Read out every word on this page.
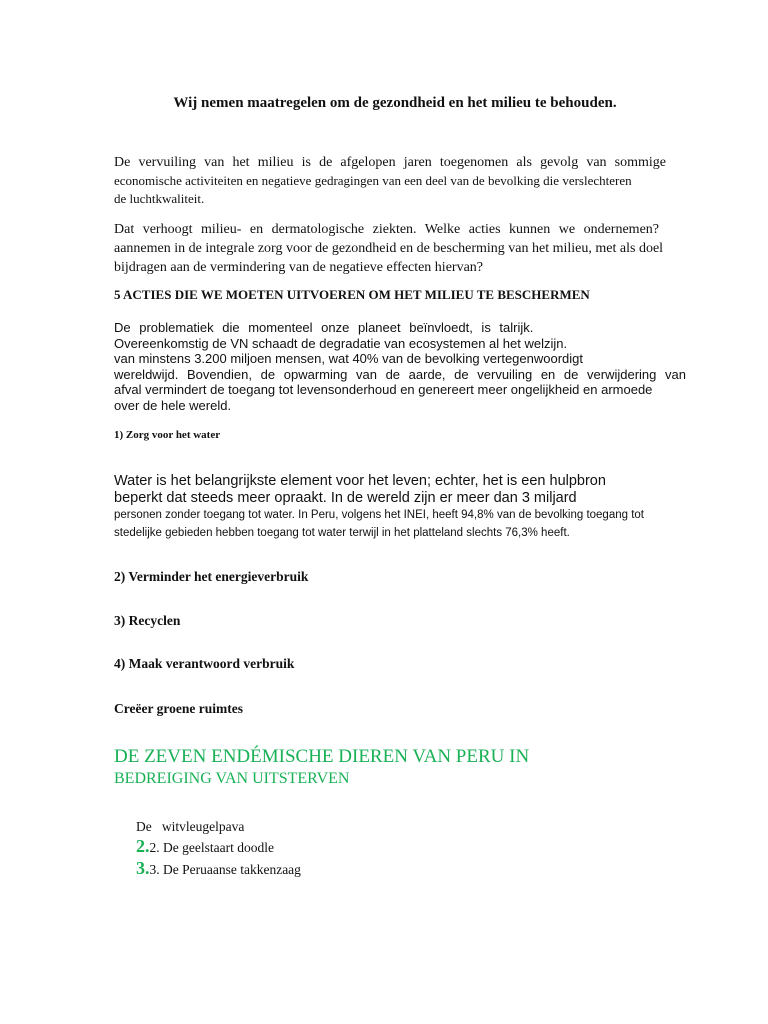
Wij nemen maatregelen om de gezondheid en het milieu te behouden.
De vervuiling van het milieu is de afgelopen jaren toegenomen als gevolg van sommige
economische activiteiten en negatieve gedragingen van een deel van de bevolking die verslechteren
de luchtkwaliteit.
Dat verhoogt milieu- en dermatologische ziekten. Welke acties kunnen we ondernemen?
aannemen in de integrale zorg voor de gezondheid en de bescherming van het milieu, met als doel
bijdragen aan de vermindering van de negatieve effecten hiervan?
5 ACTIES DIE WE MOETEN UITVOEREN OM HET MILIEU TE BESCHERMEN
De problematiek die momenteel onze planeet beïnvloedt, is talrijk.
Overeenkomstig de VN schaadt de degradatie van ecosystemen al het welzijn.
van minstens 3.200 miljoen mensen, wat 40% van de bevolking vertegenwoordigt
wereldwijd. Bovendien, de opwarming van de aarde, de vervuiling en de verwijdering van
afval vermindert de toegang tot levensonderhoud en genereert meer ongelijkheid en armoede
over de hele wereld.
1) Zorg voor het water
Water is het belangrijkste element voor het leven; echter, het is een hulpbron
beperkt dat steeds meer opraakt. In de wereld zijn er meer dan 3 miljard
personen zonder toegang tot water. In Peru, volgens het INEI, heeft 94,8% van de bevolking toegang tot
stedelijke gebieden hebben toegang tot water terwijl in het platteland slechts 76,3% heeft.
2) Verminder het energieverbruik
3) Recyclen
4) Maak verantwoord verbruik
Creëer groene ruimtes
DE ZEVEN ENDÉMISCHE DIEREN VAN PERU IN
BEDREIGING VAN UITSTERVEN
De   witvleugelpava
2.2. De geelstaart doodle
3.3. De Peruaanse takkenzaag
